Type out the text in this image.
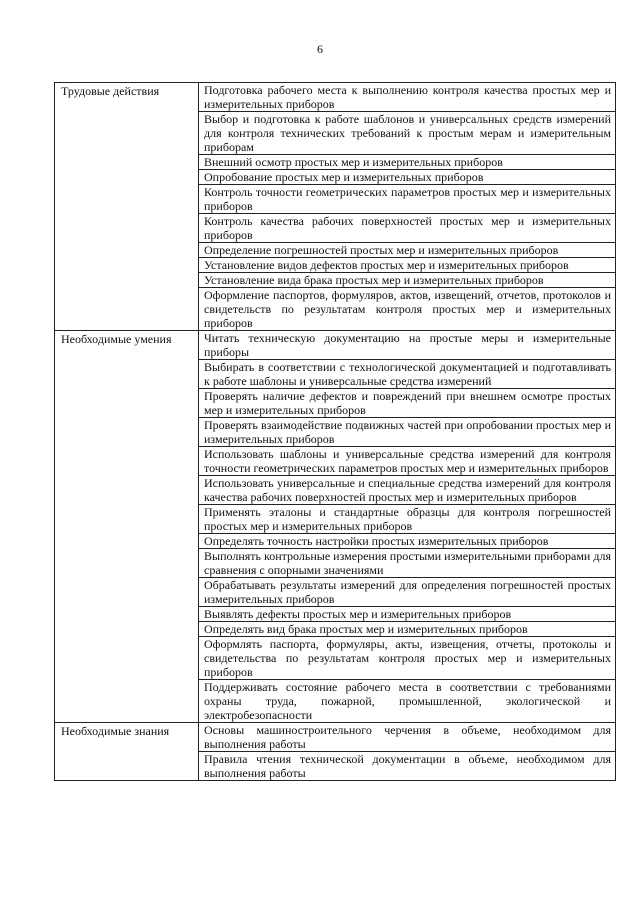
6
Трудовые действия	Подготовка рабочего места к выполнению контроля качества простых мер и измерительных приборов
	Выбор и подготовка к работе шаблонов и универсальных средств измерений для контроля технических требований к простым мерам и измерительным приборам
	Внешний осмотр простых мер и измерительных приборов
	Опробование простых мер и измерительных приборов
	Контроль точности геометрических параметров простых мер и измерительных приборов
	Контроль качества рабочих поверхностей простых мер и измерительных приборов
	Определение погрешностей простых мер и измерительных приборов
	Установление видов дефектов простых мер и измерительных приборов
	Установление вида брака простых мер и измерительных приборов
	Оформление паспортов, формуляров, актов, извещений, отчетов, протоколов и свидетельств по результатам контроля простых мер и измерительных приборов
Необходимые умения	Читать техническую документацию на простые меры и измерительные приборы
	Выбирать в соответствии с технологической документацией и подготавливать к работе шаблоны и универсальные средства измерений
	Проверять наличие дефектов и повреждений при внешнем осмотре простых мер и измерительных приборов
	Проверять взаимодействие подвижных частей при опробовании простых мер и измерительных приборов
	Использовать шаблоны и универсальные средства измерений для контроля точности геометрических параметров простых мер и измерительных приборов
	Использовать универсальные и специальные средства измерений для контроля качества рабочих поверхностей простых мер и измерительных приборов
	Применять эталоны и стандартные образцы для контроля погрешностей простых мер и измерительных приборов
	Определять точность настройки простых измерительных приборов
	Выполнять контрольные измерения простыми измерительными приборами для сравнения с опорными значениями
	Обрабатывать результаты измерений для определения погрешностей простых измерительных приборов
	Выявлять дефекты простых мер и измерительных приборов
	Определять вид брака простых мер и измерительных приборов
	Оформлять паспорта, формуляры, акты, извещения, отчеты, протоколы и свидетельства по результатам контроля простых мер и измерительных приборов
	Поддерживать состояние рабочего места в соответствии с требованиями охраны труда, пожарной, промышленной, экологической и электробезопасности
Необходимые знания	Основы машиностроительного черчения в объеме, необходимом для выполнения работы
	Правила чтения технической документации в объеме, необходимом для выполнения работы
